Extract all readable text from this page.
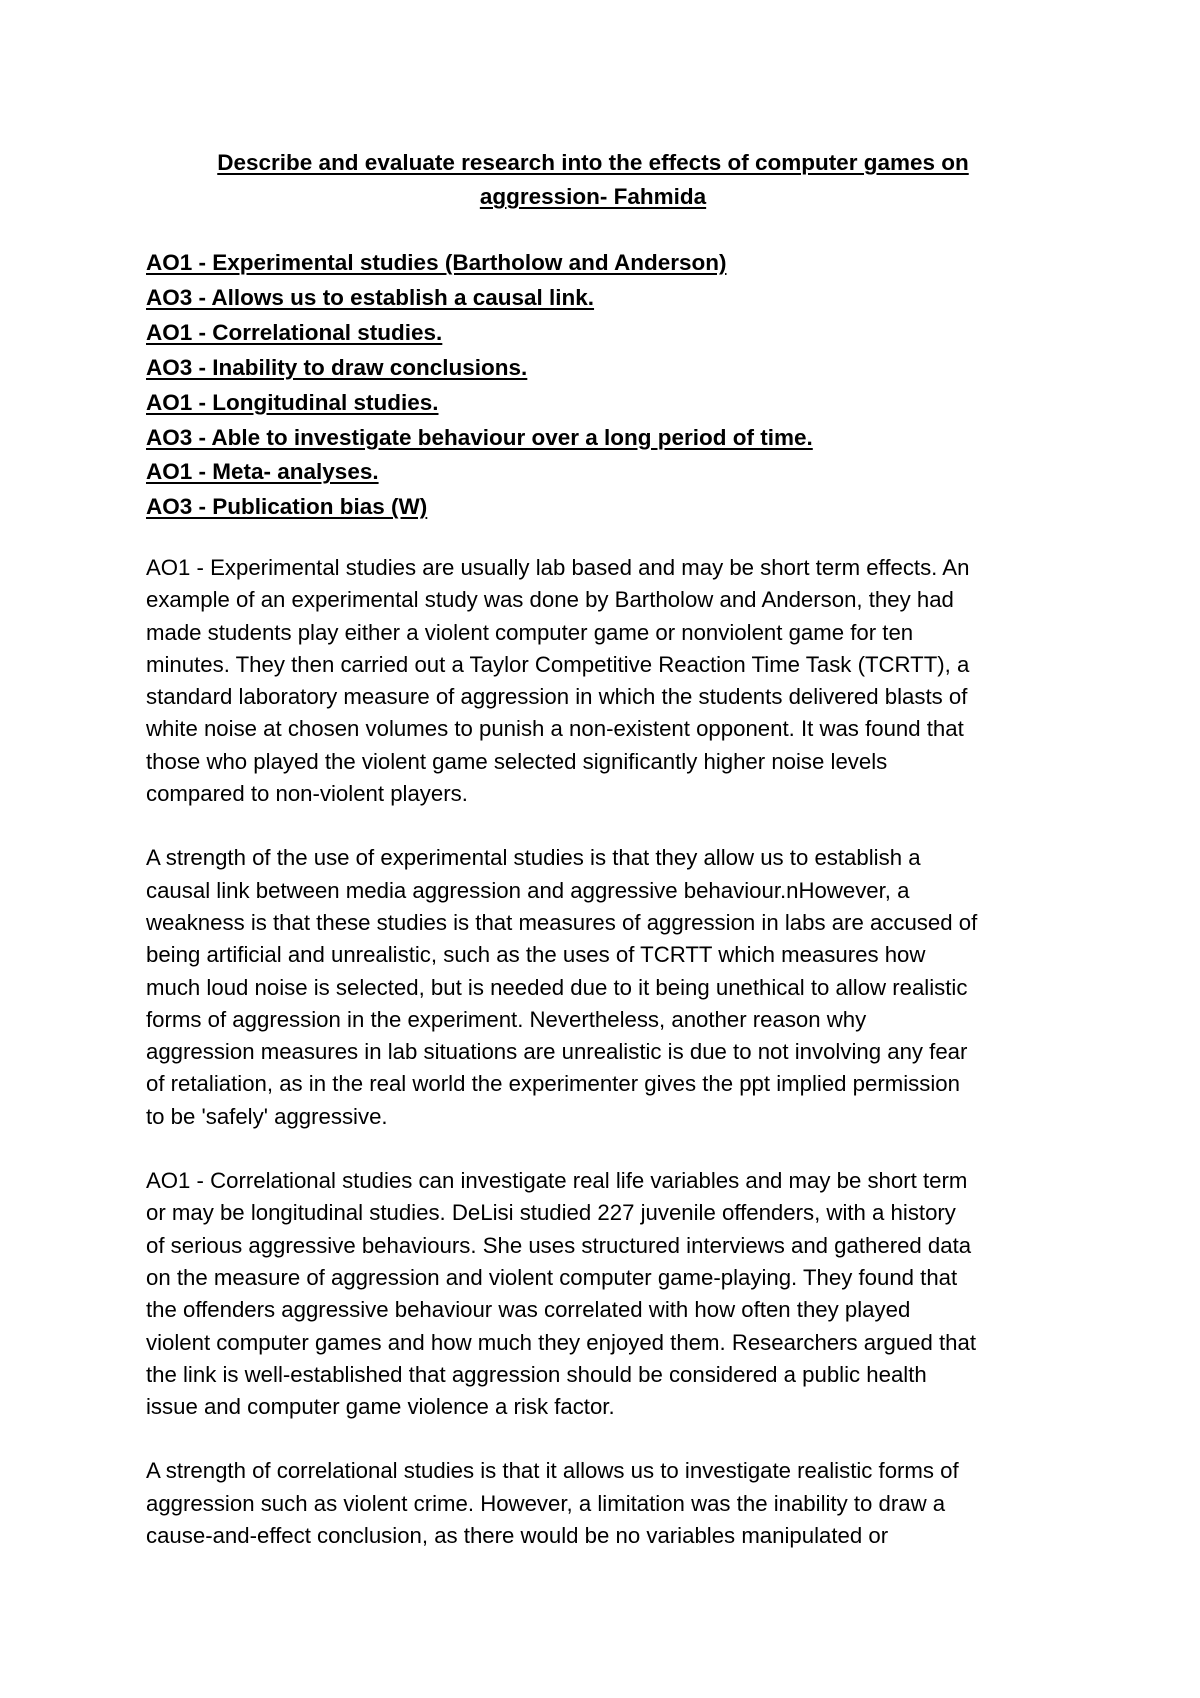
Describe and evaluate research into the effects of computer games on
aggression- Fahmida
AO1 - Experimental studies (Bartholow and Anderson)
AO3 - Allows us to establish a causal link.
AO1 - Correlational studies.
AO3 - Inability to draw conclusions.
AO1 - Longitudinal studies.
AO3 - Able to investigate behaviour over a long period of time.
AO1 - Meta- analyses.
AO3 - Publication bias (W)

AO1 - Experimental studies are usually lab based and may be short term effects. An
example of an experimental study was done by Bartholow and Anderson, they had
made students play either a violent computer game or nonviolent game for ten
minutes. They then carried out a Taylor Competitive Reaction Time Task (TCRTT), a
standard laboratory measure of aggression in which the students delivered blasts of
white noise at chosen volumes to punish a non-existent opponent. It was found that
those who played the violent game selected significantly higher noise levels
compared to non-violent players.

A strength of the use of experimental studies is that they allow us to establish a
causal link between media aggression and aggressive behaviour.nHowever, a
weakness is that these studies is that measures of aggression in labs are accused of
being artificial and unrealistic, such as the uses of TCRTT which measures how
much loud noise is selected, but is needed due to it being unethical to allow realistic
forms of aggression in the experiment. Nevertheless, another reason why
aggression measures in lab situations are unrealistic is due to not involving any fear
of retaliation, as in the real world the experimenter gives the ppt implied permission
to be 'safely' aggressive.

AO1 - Correlational studies can investigate real life variables and may be short term
or may be longitudinal studies. DeLisi studied 227 juvenile offenders, with a history
of serious aggressive behaviours. She uses structured interviews and gathered data
on the measure of aggression and violent computer game-playing. They found that
the offenders aggressive behaviour was correlated with how often they played
violent computer games and how much they enjoyed them. Researchers argued that
the link is well-established that aggression should be considered a public health
issue and computer game violence a risk factor.

A strength of correlational studies is that it allows us to investigate realistic forms of
aggression such as violent crime. However, a limitation was the inability to draw a
cause-and-effect conclusion, as there would be no variables manipulated or
